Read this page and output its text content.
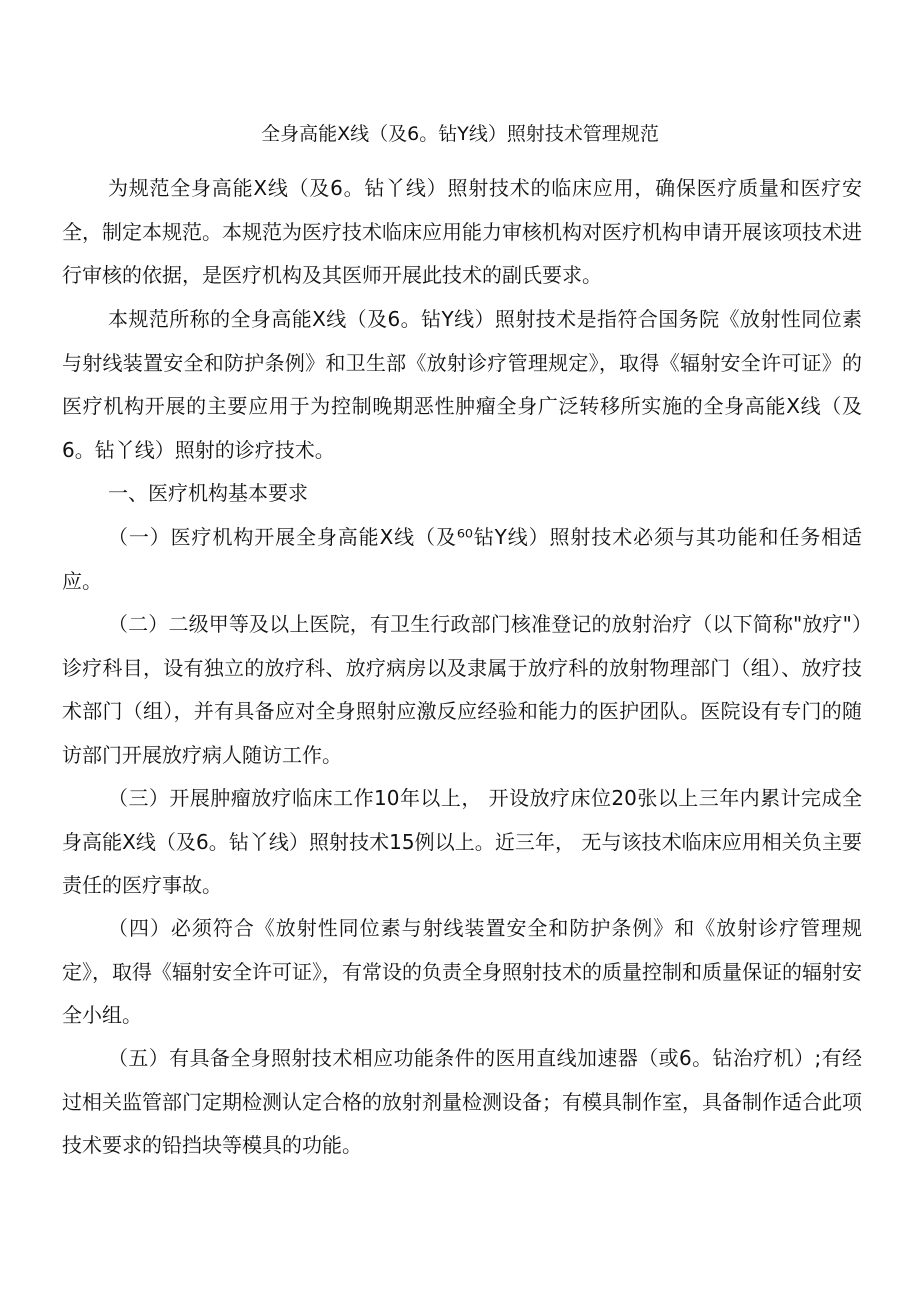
全身高能X线（及6。钻Y线）照射技术管理规范

为规范全身高能X线（及6。钻丫线）照射技术的临床应用，确保医疗质量和医疗安全，制定本规范。本规范为医疗技术临床应用能力审核机构对医疗机构申请开展该项技术进行审核的依据，是医疗机构及其医师开展此技术的副氏要求。

本规范所称的全身高能X线（及6。钻Y线）照射技术是指符合国务院《放射性同位素与射线装置安全和防护条例》和卫生部《放射诊疗管理规定》，取得《辐射安全许可证》的医疗机构开展的主要应用于为控制晚期恶性肿瘤全身广泛转移所实施的全身高能X线（及6。钻丫线）照射的诊疗技术。

一、医疗机构基本要求

（一）医疗机构开展全身高能X线（及⁶⁰钻Y线）照射技术必须与其功能和任务相适应。

（二）二级甲等及以上医院，有卫生行政部门核准登记的放射治疗（以下简称"放疗"）诊疗科目，设有独立的放疗科、放疗病房以及隶属于放疗科的放射物理部门（组）、放疗技术部门（组），并有具备应对全身照射应激反应经验和能力的医护团队。医院设有专门的随访部门开展放疗病人随访工作。

（三）开展肿瘤放疗临床工作10年以上， 开设放疗床位20张以上三年内累计完成全身高能X线（及6。钻丫线）照射技术15例以上。近三年， 无与该技术临床应用相关负主要责任的医疗事故。

（四）必须符合《放射性同位素与射线装置安全和防护条例》和《放射诊疗管理规定》，取得《辐射安全许可证》，有常设的负责全身照射技术的质量控制和质量保证的辐射安全小组。

（五）有具备全身照射技术相应功能条件的医用直线加速器（或6。钻治疗机）;有经过相关监管部门定期检测认定合格的放射剂量检测设备；有模具制作室，具备制作适合此项技术要求的铅挡块等模具的功能。
